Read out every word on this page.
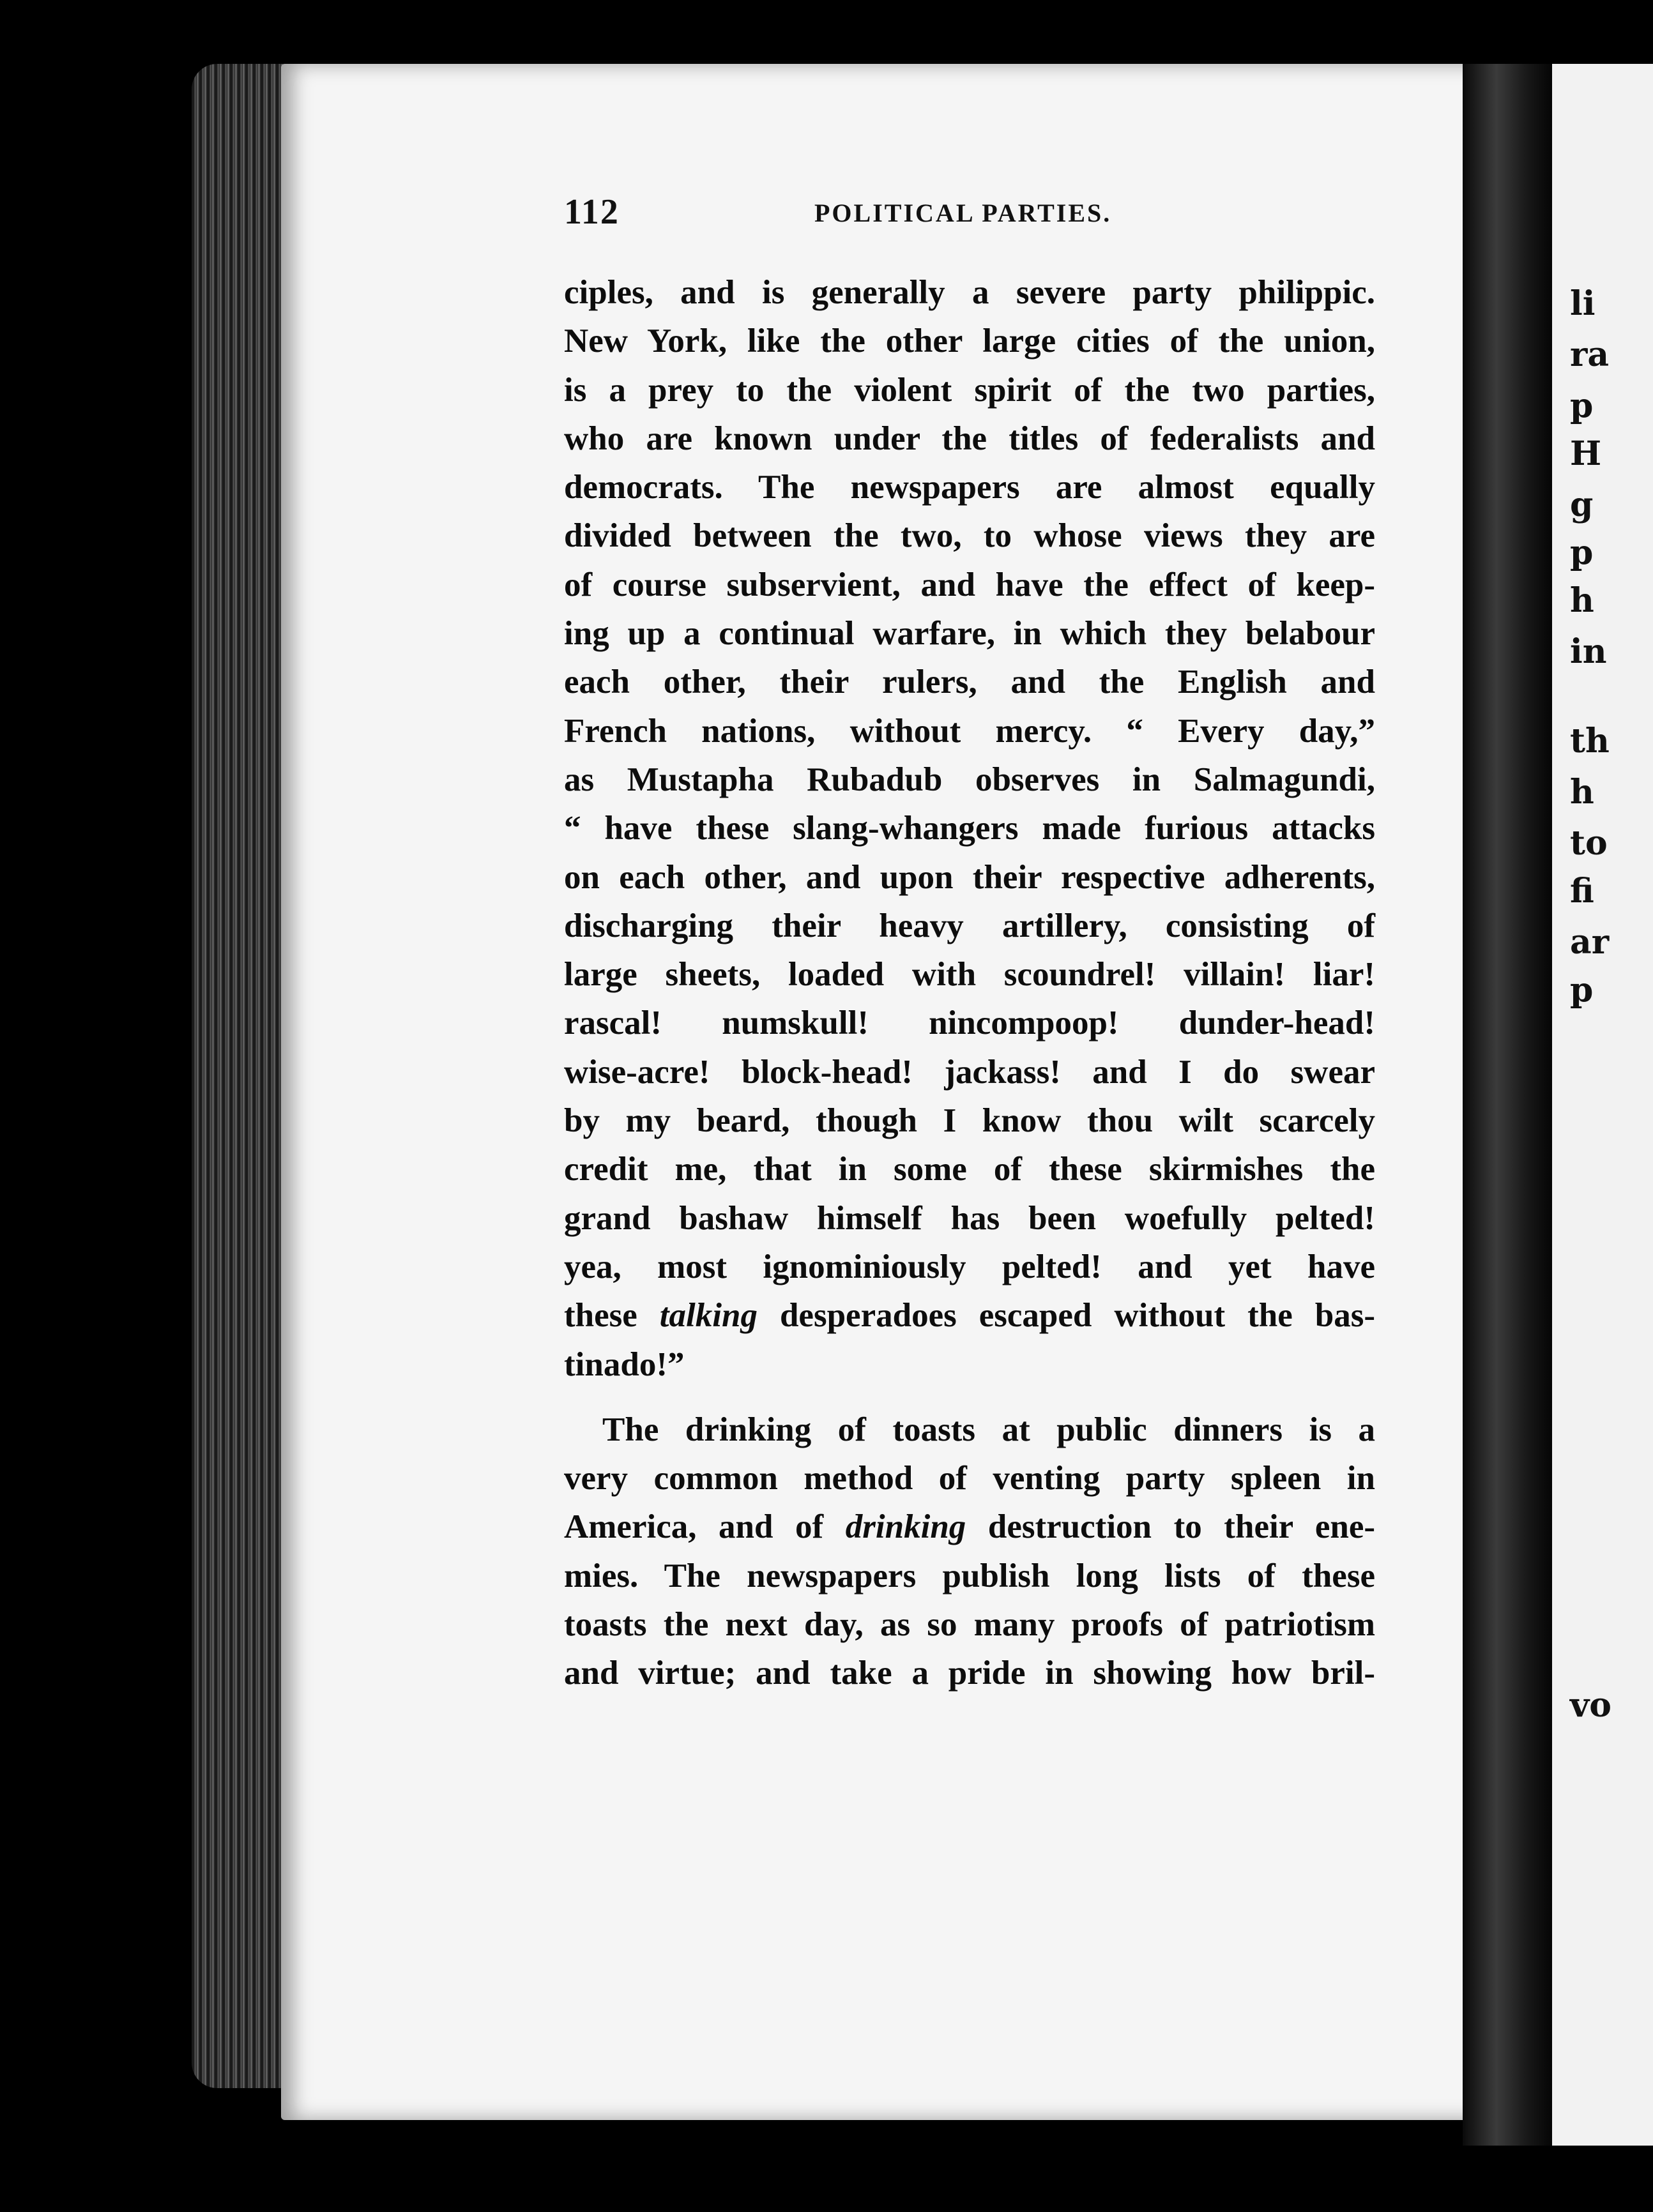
112	POLITICAL PARTIES.
ciples, and is generally a severe party philippic.
New York, like the other large cities of the union,
is a prey to the violent spirit of the two parties,
who are known under the titles of federalists and
democrats. The newspapers are almost equally
divided between the two, to whose views they are
of course subservient, and have the effect of keep-
ing up a continual warfare, in which they belabour
each other, their rulers, and the English and
French nations, without mercy. “ Every day,”
as Mustapha Rubadub observes in Salmagundi,
“ have these slang-whangers made furious attacks
on each other, and upon their respective adherents,
discharging their heavy artillery, consisting of
large sheets, loaded with scoundrel! villain! liar!
rascal! numskull! nincompoop! dunder-head!
wise-acre! block-head! jackass! and I do swear
by my beard, though I know thou wilt scarcely
credit me, that in some of these skirmishes the
grand bashaw himself has been woefully pelted!
yea, most ignominiously pelted! and yet have
these talking desperadoes escaped without the bas-
tinado!”
The drinking of toasts at public dinners is a
very common method of venting party spleen in
America, and of drinking destruction to their ene-
mies. The newspapers publish long lists of these
toasts the next day, as so many proofs of patriotism
and virtue; and take a pride in showing how bril-
li
ra
p
H
g
p
h
in
th
h
to
fi
ar
p
vo
